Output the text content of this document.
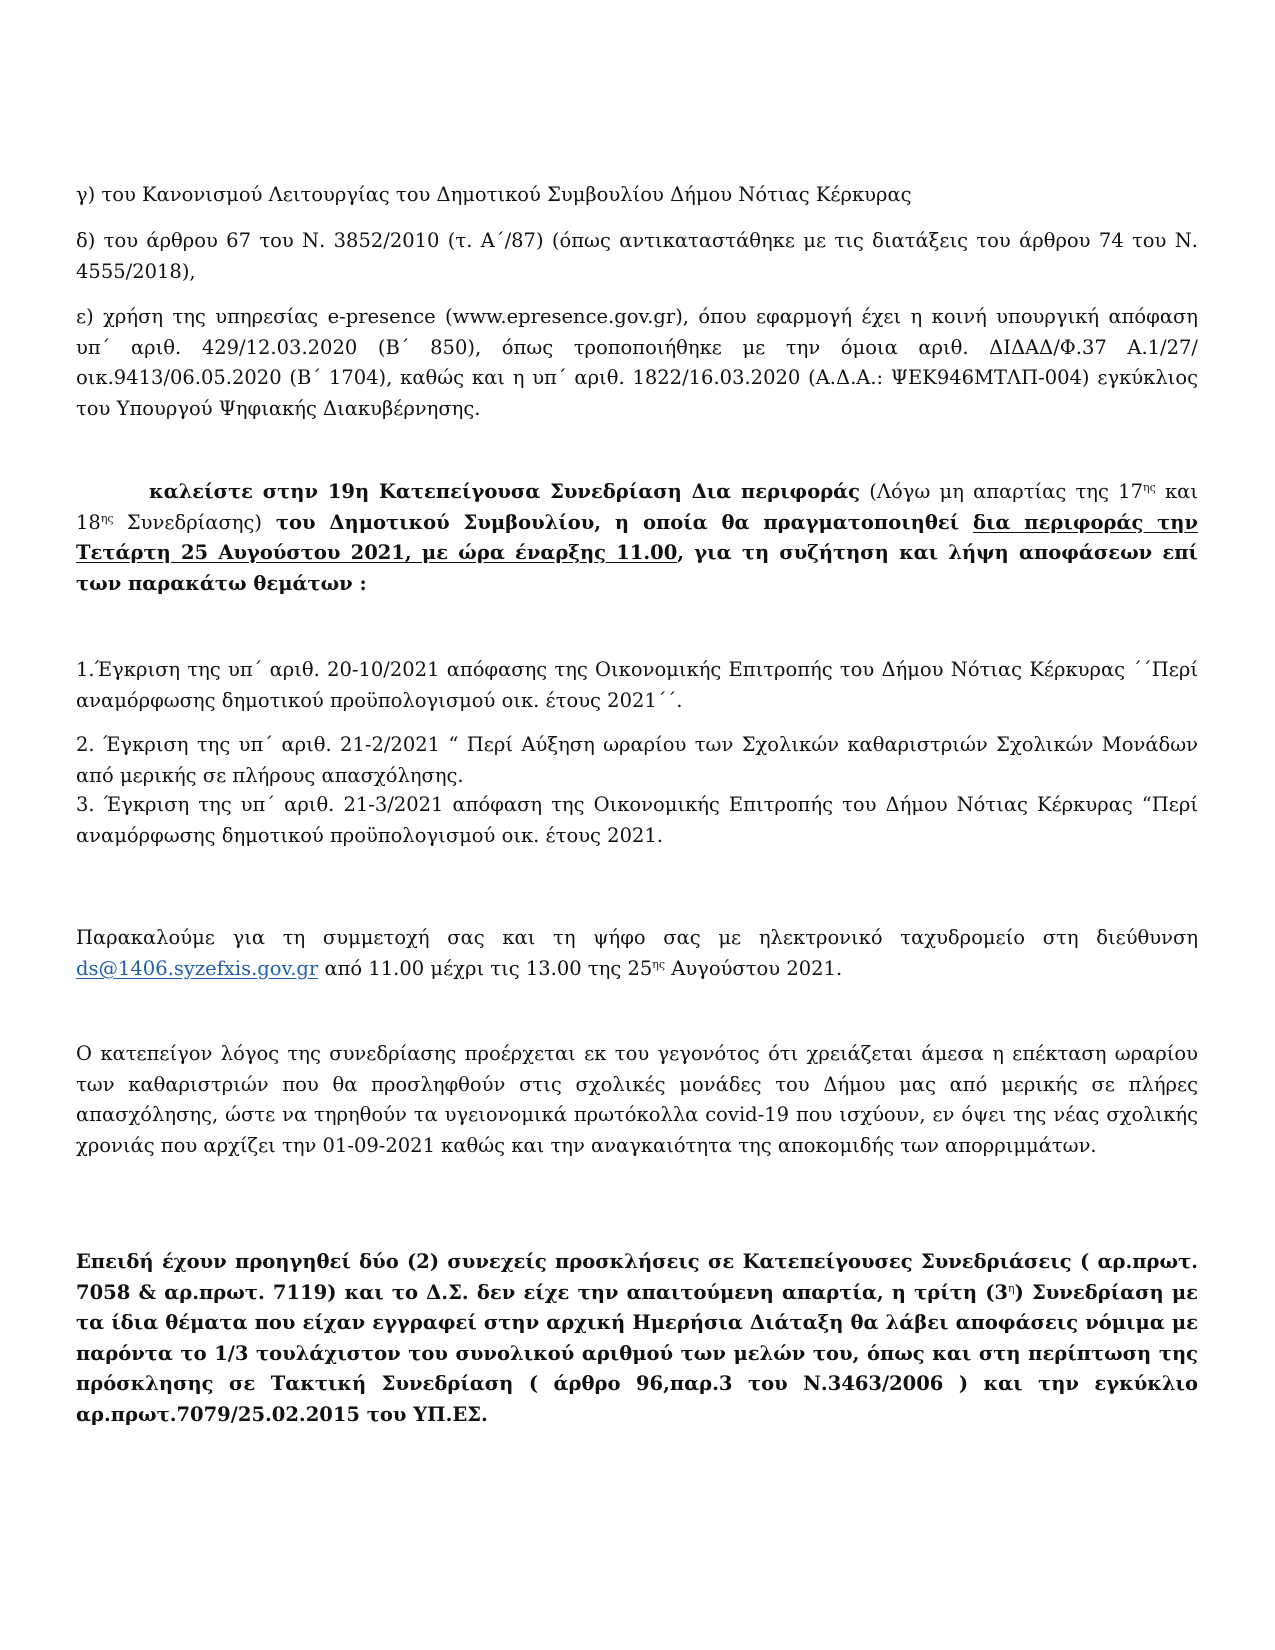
γ) του Κανονισμού Λειτουργίας του Δημοτικού Συμβουλίου Δήμου Νότιας Κέρκυρας

δ) του άρθρου 67 του Ν. 3852/2010 (τ. Α΄/87) (όπως αντικαταστάθηκε με τις διατάξεις του άρθρου 74 του Ν. 4555/2018),

ε) χρήση της υπηρεσίας e-presence (www.epresence.gov.gr), όπου εφαρμογή έχει η κοινή υπουργική απόφαση υπ΄ αριθ. 429/12.03.2020 (Β΄ 850), όπως τροποποιήθηκε με την όμοια αριθ. ΔΙΔΑΔ/Φ.37 Α.1/27/οικ.9413/06.05.2020 (Β΄ 1704), καθώς και η υπ΄ αριθ. 1822/16.03.2020 (Α.Δ.Α.: ΨΕΚ946ΜΤΛΠ-004) εγκύκλιος του Υπουργού Ψηφιακής Διακυβέρνησης.

καλείστε στην 19η Κατεπείγουσα Συνεδρίαση Δια περιφοράς (Λόγω μη απαρτίας της $17^{\eta\varsigma}$ και $18^{\eta\varsigma}$ Συνεδρίασης) του Δημοτικού Συμβουλίου, η οποία θα πραγματοποιηθεί δια περιφοράς την Τετάρτη 25 Αυγούστου 2021, με ώρα έναρξης 11.00, για τη συζήτηση και λήψη αποφάσεων επί των παρακάτω θεμάτων :

1.Έγκριση της υπ΄ αριθ. 20-10/2021 απόφασης της Οικονομικής Επιτροπής του Δήμου Νότιας Κέρκυρας ΄΄Περί αναμόρφωσης δημοτικού προϋπολογισμού οικ. έτους 2021΄΄.

2. Έγκριση της υπ΄ αριθ. 21-2/2021 “ Περί Αύξηση ωραρίου των Σχολικών καθαριστριών Σχολικών Μονάδων από μερικής σε πλήρους απασχόλησης.

3. Έγκριση της υπ΄ αριθ. 21-3/2021 απόφαση της Οικονομικής Επιτροπής του Δήμου Νότιας Κέρκυρας “Περί αναμόρφωσης δημοτικού προϋπολογισμού οικ. έτους 2021.

Παρακαλούμε για τη συμμετοχή σας και τη ψήφο σας με ηλεκτρονικό ταχυδρομείο στη διεύθυνση ds@1406.syzefxis.gov.gr από 11.00 μέχρι τις 13.00 της $25^{\eta\varsigma}$ Αυγούστου 2021.

Ο κατεπείγον λόγος της συνεδρίασης προέρχεται εκ του γεγονότος ότι χρειάζεται άμεσα η επέκταση ωραρίου των καθαριστριών που θα προσληφθούν στις σχολικές μονάδες του Δήμου μας από μερικής σε πλήρες απασχόλησης, ώστε να τηρηθούν τα υγειονομικά πρωτόκολλα covid-19 που ισχύουν, εν όψει της νέας σχολικής χρονιάς που αρχίζει την 01-09-2021 καθώς και την αναγκαιότητα της αποκομιδής των απορριμμάτων.

Επειδή έχουν προηγηθεί δύο (2) συνεχείς προσκλήσεις σε Κατεπείγουσες Συνεδριάσεις ( αρ.πρωτ. 7058 & αρ.πρωτ. 7119) και το Δ.Σ. δεν είχε την απαιτούμενη απαρτία, η τρίτη $(3^\eta)$ Συνεδρίαση με τα ίδια θέματα που είχαν εγγραφεί στην αρχική Ημερήσια Διάταξη θα λάβει αποφάσεις νόμιμα με παρόντα το 1/3 τουλάχιστον του συνολικού αριθμού των μελών του, όπως και στη περίπτωση της πρόσκλησης σε Τακτική Συνεδρίαση ( άρθρο 96,παρ.3 του Ν.3463/2006 ) και την εγκύκλιο αρ.πρωτ.7079/25.02.2015 του ΥΠ.ΕΣ.
